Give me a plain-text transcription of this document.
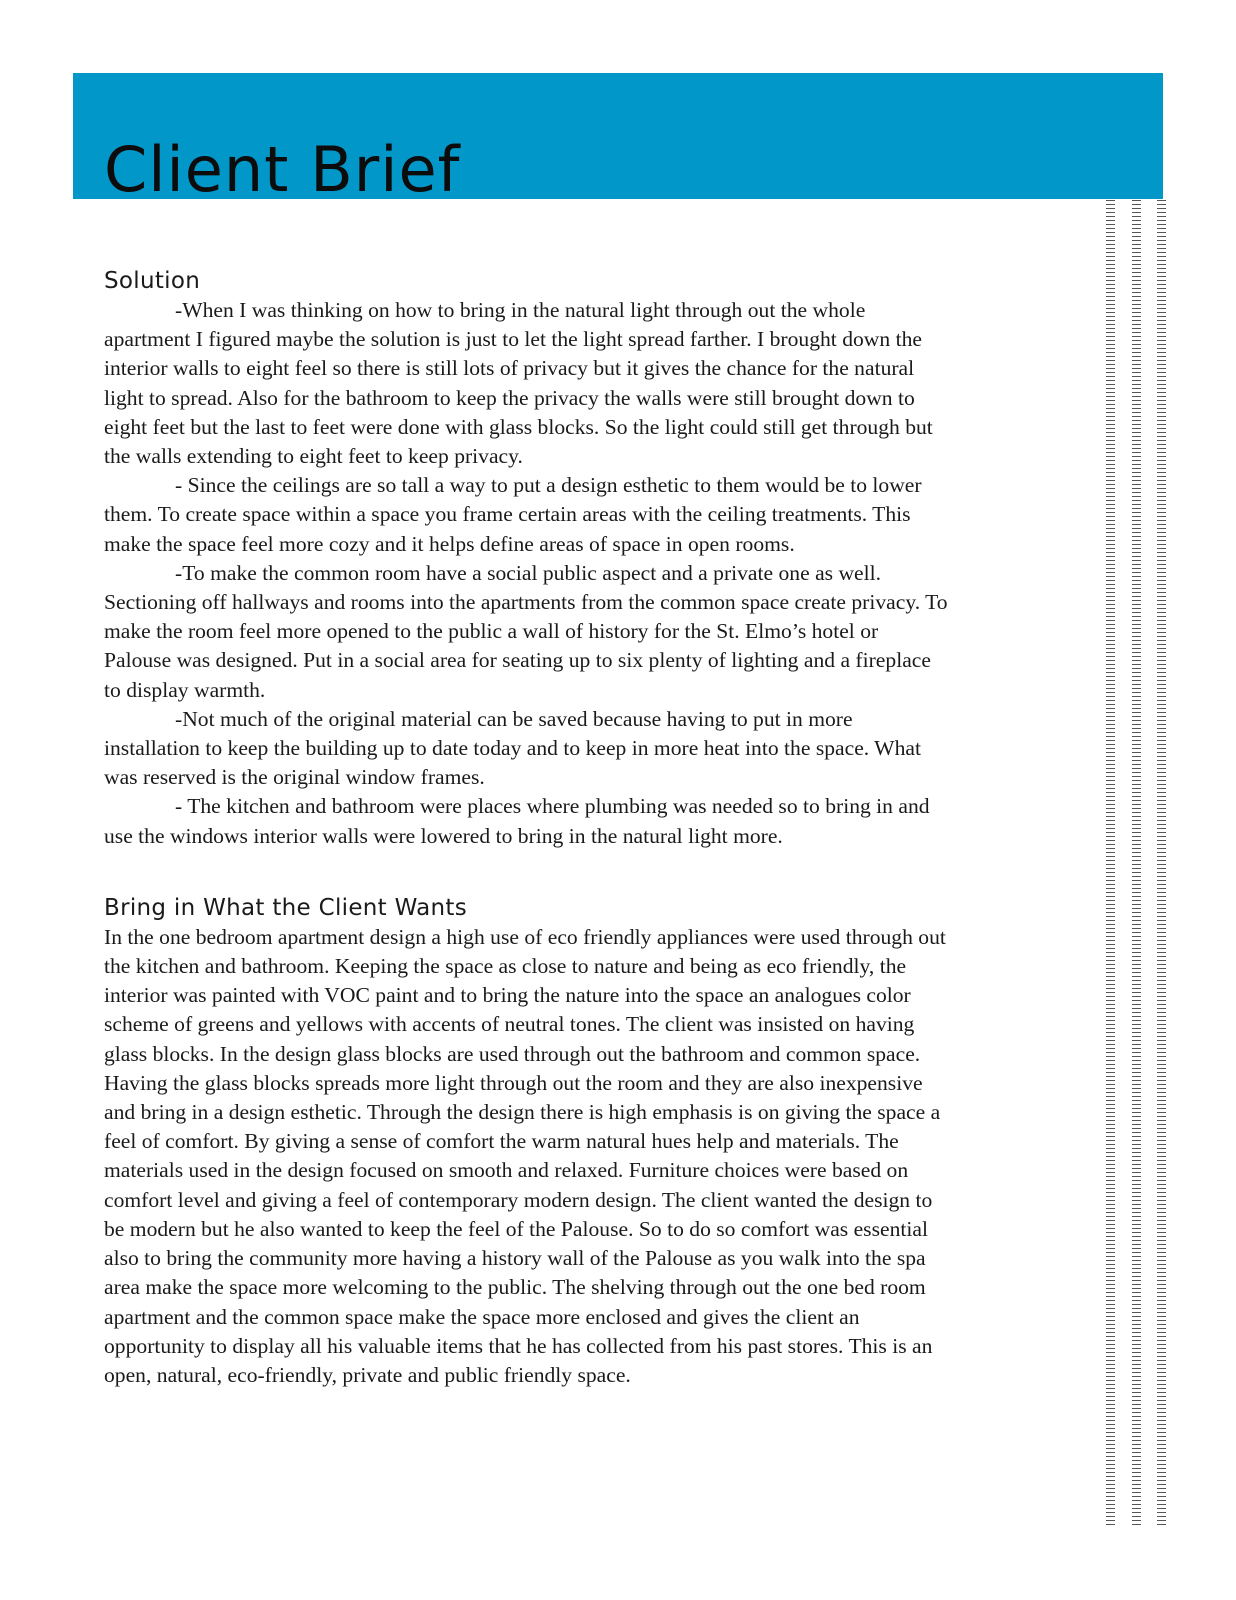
Client Brief
Solution

-When I was thinking on how to bring in the natural light through out the whole apartment I figured maybe the solution is just to let the light spread farther. I brought down the interior walls to eight feel so there is still lots of privacy but it gives the chance for the natural light to spread. Also for the bathroom to keep the privacy the walls were still brought down to eight feet but the last to feet were done with glass blocks. So the light could still get through but the walls extending to eight feet to keep privacy.

- Since the ceilings are so tall a way to put a design esthetic to them would be to lower them. To create space within a space you frame certain areas with the ceiling treatments. This make the space feel more cozy and it helps define areas of space in open rooms.

-To make the common room have a social public aspect and a private one as well. Sectioning off hallways and rooms into the apartments from the common space create privacy. To make the room feel more opened to the public a wall of history for the St. Elmo’s hotel or Palouse was designed. Put in a social area for seating up to six plenty of lighting and a fireplace to display warmth.

-Not much of the original material can be saved because having to put in more installation to keep the building up to date today and to keep in more heat into the space. What was reserved is the original window frames.

- The kitchen and bathroom were places where plumbing was needed so to bring in and use the windows interior walls were lowered to bring in the natural light more.

Bring in What the Client Wants

In the one bedroom apartment design a high use of eco friendly appliances were used through out the kitchen and bathroom. Keeping the space as close to nature and being as eco friendly, the interior was painted with VOC paint and to bring the nature into the space an analogues color scheme of greens and yellows with accents of neutral tones. The client was insisted on having glass blocks. In the design glass blocks are used through out the bathroom and common space. Having the glass blocks spreads more light through out the room and they are also inexpensive and bring in a design esthetic. Through the design there is high emphasis is on giving the space a feel of comfort. By giving a sense of comfort the warm natural hues help and materials. The materials used in the design focused on smooth and relaxed. Furniture choices were based on comfort level and giving a feel of contemporary modern design. The client wanted the design to be modern but he also wanted to keep the feel of the Palouse. So to do so comfort was essential also to bring the community more having a history wall of the Palouse as you walk into the spa area make the space more welcoming to the public. The shelving through out the one bed room apartment and the common space make the space more enclosed and gives the client an opportunity to display all his valuable items that he has collected from his past stores. This is an open, natural, eco-friendly, private and public friendly space.
